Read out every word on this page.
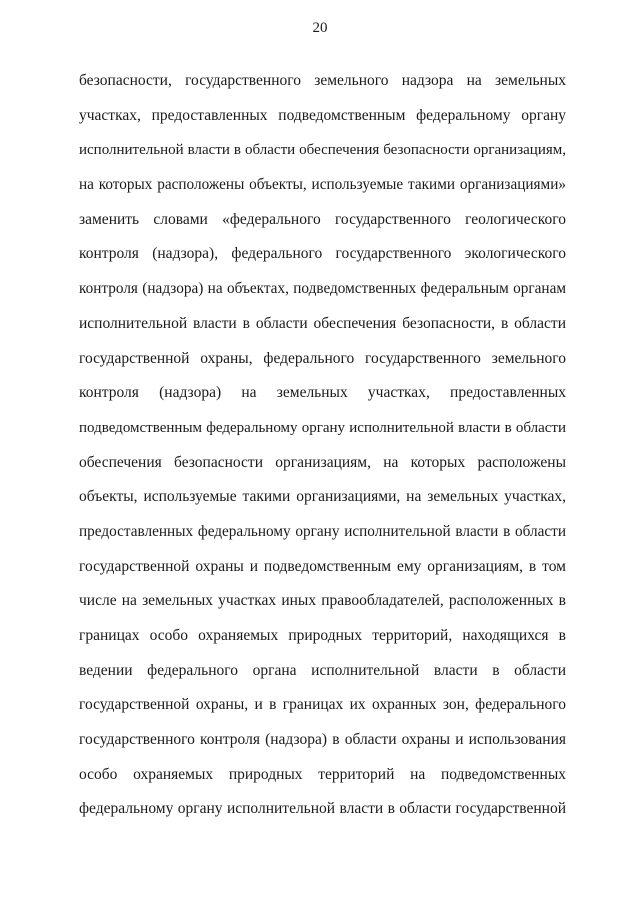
20
безопасности, государственного земельного надзора на земельных
участках, предоставленных подведомственным федеральному органу
исполнительной власти в области обеспечения безопасности организациям,
на которых расположены объекты, используемые такими организациями»
заменить словами «федерального государственного геологического
контроля (надзора), федерального государственного экологического
контроля (надзора) на объектах, подведомственных федеральным органам
исполнительной власти в области обеспечения безопасности, в области
государственной охраны, федерального государственного земельного
контроля (надзора) на земельных участках, предоставленных
подведомственным федеральному органу исполнительной власти в области
обеспечения безопасности организациям, на которых расположены
объекты, используемые такими организациями, на земельных участках,
предоставленных федеральному органу исполнительной власти в области
государственной охраны и подведомственным ему организациям, в том
числе на земельных участках иных правообладателей, расположенных в
границах особо охраняемых природных территорий, находящихся в
ведении федерального органа исполнительной власти в области
государственной охраны, и в границах их охранных зон, федерального
государственного контроля (надзора) в области охраны и использования
особо охраняемых природных территорий на подведомственных
федеральному органу исполнительной власти в области государственной
